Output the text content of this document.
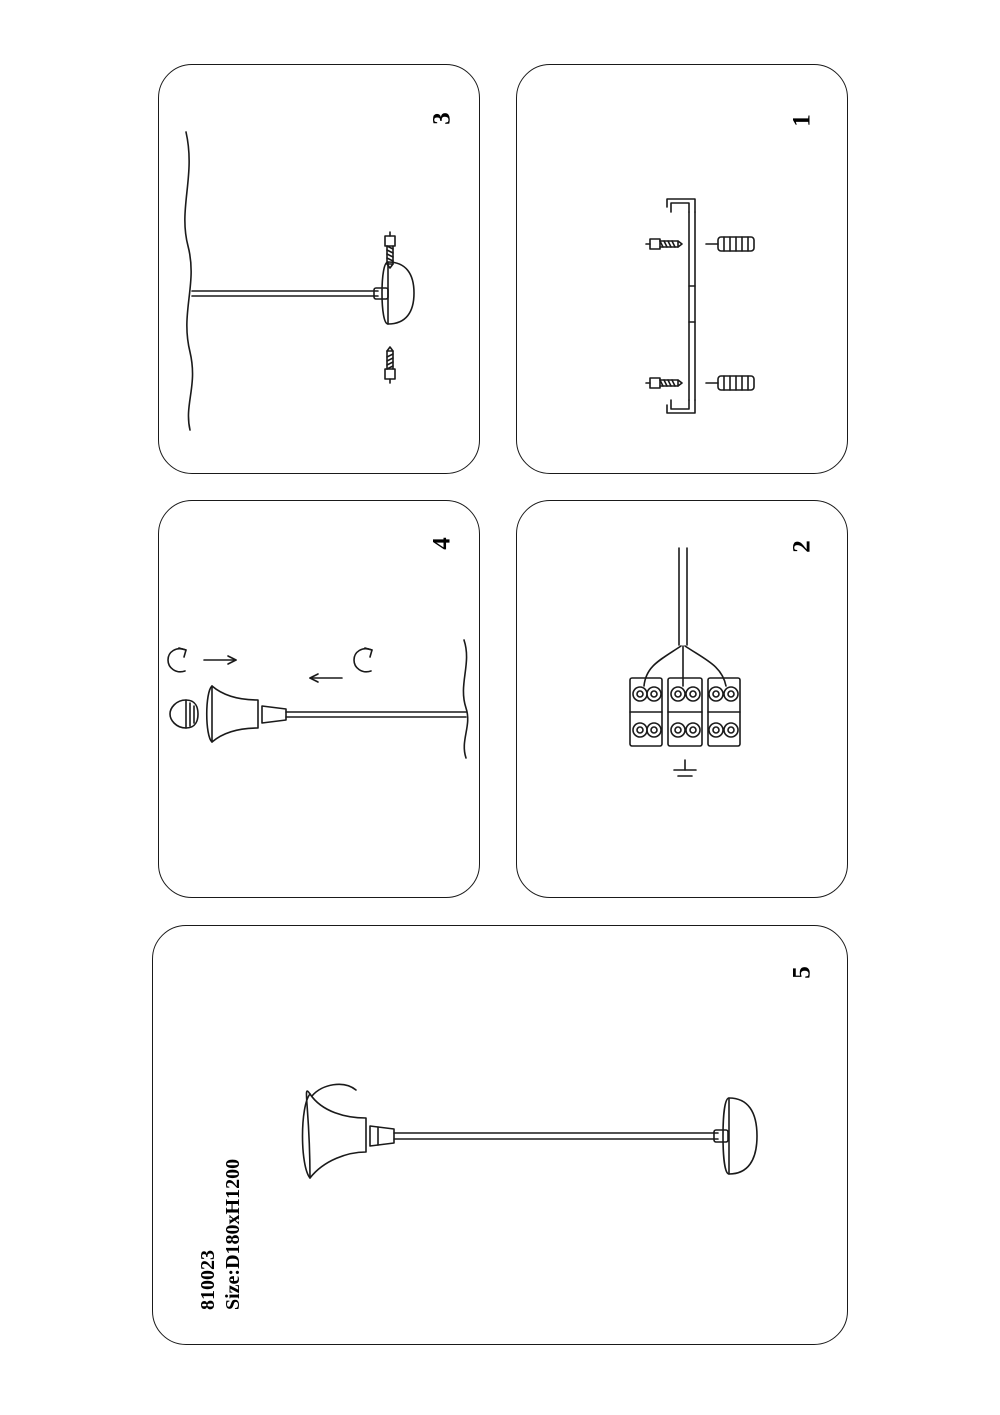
1
2
3
4
5
810023 Size:D180xH1200
